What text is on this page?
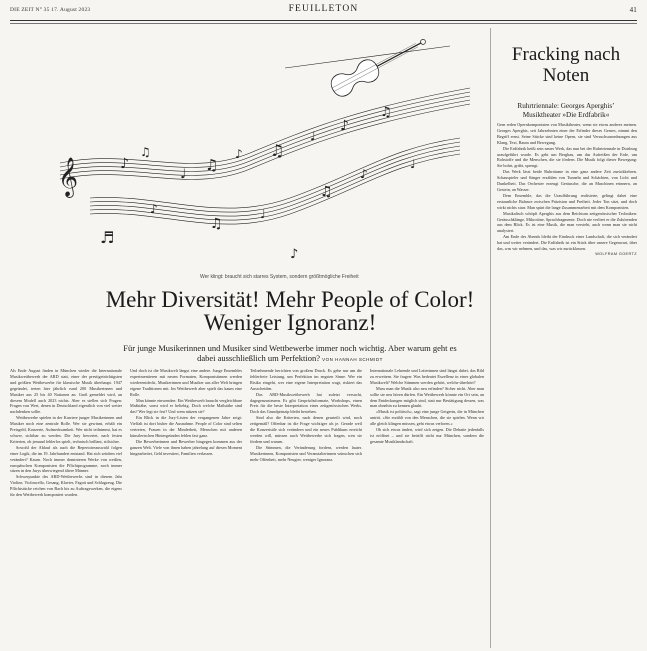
DIE ZEIT N° 35 17. August 2023	FEUILLETON	41
𝄞	♪
♫
♩
♫
♪ ♫
♩
♪
♫
♪
♫
♩
♫
♪
♬
♪
♩
Wer klingt: braucht sich starres System, sondern größtmögliche Freiheit
Mehr Diversität! Mehr People of Color! Weniger Ignoranz!
Für junge Musikerinnen und Musiker sind Wettbewerbe immer noch wichtig. Aber warum geht es dabei ausschließlich um Perfektion? VON HANNAH SCHMIDT

Als Ende August finden in München wieder die Internationale Musikwettbewerb der ARD statt, einer der prestigeträchtigsten und größten Wettbewerbe für klassische Musik überhaupt. 1947 gegründet, treten hier jährlich rund 200 Musikerinnen und Musiker aus 25 bis 40 Nationen an. Groß gemeldet wird, an diesem Modell auch 2023 nichts. Aber es stellen sich Fragen: Fragen von Wert, denen in Deutschland eigentlich von viel weiter nachdenken sollte.

Wettbewerbe spielen in der Karriere junger Musikerinnen und Musiker noch eine zentrale Rolle. Wer sie gewinnt, erhält ein Preisgeld, Konzerte, Aufmerksamkeit. Wer nicht teilnimmt, hat es schwer, sichtbar zu werden. Die Jury bewertet, nach festen Kriterien, ob jemand fehlerlos spielt, technisch brillant, stilsicher.

Sowohl der Ablauf als auch die Repertoireauswahl folgen einer Logik, die im 19. Jahrhundert entstand. Hat sich seitdem viel verändert? Kaum. Noch immer dominieren Werke von weißen, europäischen Komponisten die Pflichtprogramme, noch immer sitzen in den Jurys überwiegend ältere Männer.

Schwerpunkte des ARD-Wettbewerbs sind in diesem Jahr Violine, Violoncello, Gesang, Klavier, Fagott und Schlagzeug. Die Pflichtstücke reichen von Bach bis zu Auftragswerken, die eigens für den Wettbewerb komponiert wurden.

Und doch ist die Musikwelt längst eine andere. Junge Ensembles experimentieren mit neuen Formaten, Komponistinnen werden wiederentdeckt, Musikerinnen und Musiker aus aller Welt bringen eigene Traditionen mit. Im Wettbewerb aber spielt das kaum eine Rolle.

Man könnte einwenden: Ein Wettbewerb braucht vergleichbare Maßstäbe, sonst wird er beliebig. Doch welche Maßstäbe sind das? Wer legt sie fest? Und wem nützen sie?

Ein Blick in die Jury-Listen der vergangenen Jahre zeigt: Vielfalt ist dort bisher die Ausnahme. People of Color sind selten vertreten, Frauen in der Minderheit, Menschen mit anderen künstlerischen Hintergründen fehlen fast ganz.

Die Bewerberinnen und Bewerber hingegen kommen aus der ganzen Welt. Viele von ihnen haben jahrelang auf diesen Moment hingearbeitet, Geld investiert, Familien verlassen.

Teilnehmende berichten von großem Druck. Es gehe nur um die fehlerfreie Leistung, um Perfektion im engsten Sinne. Wer ein Risiko eingeht, wer eine eigene Interpretation wagt, riskiert das Ausscheiden.

Das ARD-Musikwettbewerb hat zuletzt versucht, dagegenzusteuern. Es gibt Gesprächsformate, Workshops, einen Preis für die beste Interpretation eines zeitgenössischen Werks. Doch das Grundprinzip bleibt bestehen.

Sind also die Kriterien, nach denen geurteilt wird, noch zeitgemäß? Offenbar ist die Frage wichtiger als je. Gerade weil die Konzertsäle sich verändern und ein neues Publikum erreicht werden will, müssen auch Wettbewerbe sich fragen, wen sie fördern und warum.

Die Stimmen, die Veränderung fordern, werden lauter. Musikerinnen, Komponisten und Veranstalterinnen wünschen sich mehr Offenheit, mehr Neugier, weniger Ignoranz.

Internationale Lehrende und Leiterinnen sind längst dabei, das Bild zu erweitern. Sie fragen: Was bedeutet Exzellenz in einer globalen Musikwelt? Welche Stimmen werden gehört, welche überhört?

Muss man die Musik also neu erfinden? Sicher nicht. Aber man sollte sie neu hören dürfen. Ein Wettbewerb könnte ein Ort sein, an dem Entdeckungen möglich sind, statt nur Bestätigung dessen, was man ohnehin zu kennen glaubt.

»Musik ist politisch«, sagt eine junge Geigerin, die in München antritt. »Sie erzählt von den Menschen, die sie spielen. Wenn wir alle gleich klingen müssen, geht etwas verloren.«

Ob sich etwas ändert, wird sich zeigen. Die Debatte jedenfalls ist eröffnet – und sie betrifft nicht nur München, sondern die gesamte Musiklandschaft.

Fracking nach Noten
Ruhrtriennale: Georges Aperghis’ Musiktheater »Die Erdfabrik«

Gern reden Opernkomponisten von Musiktheater, wenn sie etwas anderes meinen. Georges Aperghis, seit Jahrzehnten einer der Erfinder dieses Genres, nimmt den Begriff ernst. Seine Stücke sind keine Opern, sie sind Versuchsanordnungen aus Klang, Text, Raum und Bewegung.

Die Erdfabrik heißt sein neues Werk, das nun bei der Ruhrtriennale in Duisburg uraufgeführt wurde. Es geht um Bergbau, um das Aufreißen der Erde, um Rohstoffe und die Menschen, die sie fördern. Die Musik folgt dieser Bewegung: Sie bohrt, gräbt, sprengt.

Das Werk lässt beide Ruhrräume in eine ganz andere Zeit zurückkehren. Schauspieler und Sänger erzählen von Tunneln und Schächten, von Licht und Dunkelheit. Das Orchester erzeugt Geräusche, die an Maschinen erinnern, an Gestein, an Wasser.

Dem Ensemble, das die Uraufführung realisierte, gelingt dabei eine erstaunliche Balance zwischen Präzision und Freiheit. Jeder Ton sitzt, und doch wirkt nichts starr. Man spürt die lange Zusammenarbeit mit dem Komponisten.

Musikalisch schöpft Aperghis aus dem Reichtum zeitgenössischer Techniken: Geräuschklänge, Mikrotöne, Sprachfragmente. Doch nie verliert er die Zuhörenden aus dem Blick. Es ist eine Musik, die man versteht, auch wenn man sie nicht analysiert.

Am Ende des Abends bleibt der Eindruck einer Landschaft, die sich verändert hat und weiter verändert. Die Erdfabrik ist ein Stück über unsere Gegenwart, über das, was wir nehmen, und das, was wir zurücklassen.

WOLFRAM GOERTZ
